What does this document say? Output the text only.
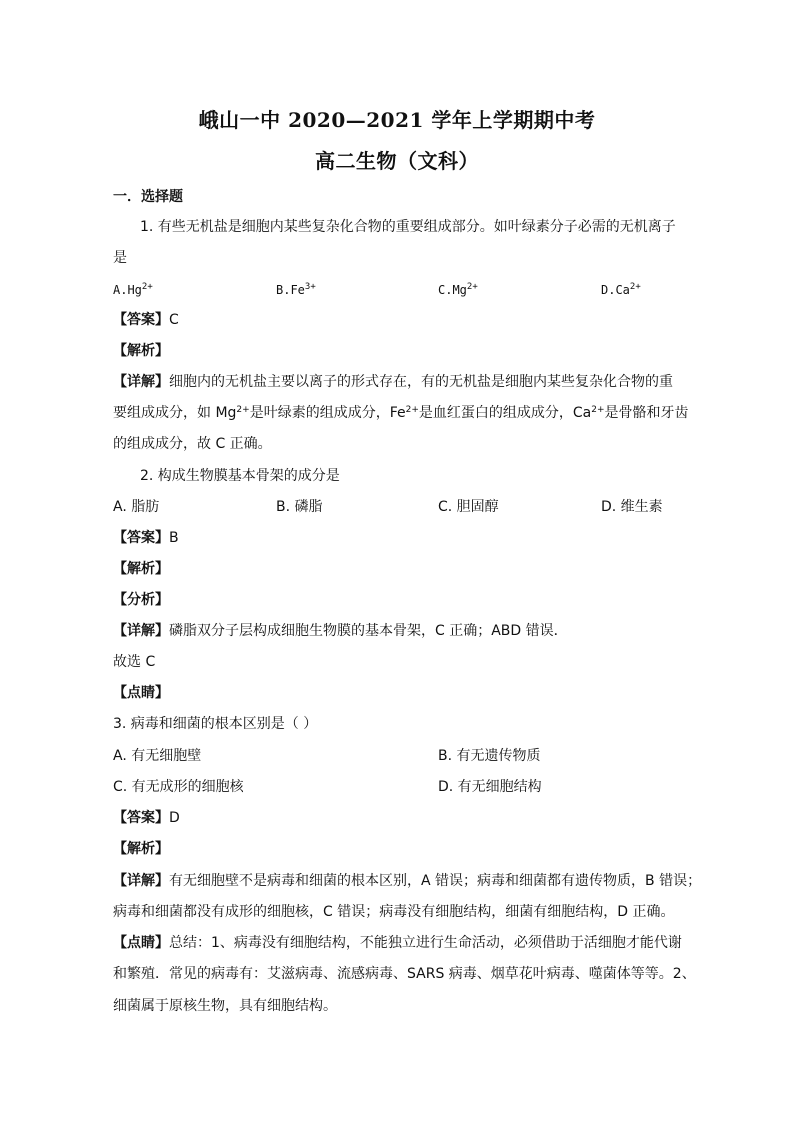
峨山一中 2020—2021 学年上学期期中考
高二生物（文科）
一．选择题
1. 有些无机盐是细胞内某些复杂化合物的重要组成部分。如叶绿素分子必需的无机离子
是
$A.Hg^{2+}$	$B.Fe^{3+}$	$C.Mg^{2+}$	$D.Ca^{2+}$
【答案】C
【解析】
【详解】细胞内的无机盐主要以离子的形式存在，有的无机盐是细胞内某些复杂化合物的重
要组成成分，如 $Mg^{2+}$是叶绿素的组成成分，$Fe^{2+}$是血红蛋白的组成成分，$Ca^{2+}$是骨骼和牙齿
的组成成分，故 C 正确。
2. 构成生物膜基本骨架的成分是
A. 脂肪	B. 磷脂	C. 胆固醇	D. 维生素
【答案】B
【解析】
【分析】
【详解】磷脂双分子层构成细胞生物膜的基本骨架，C 正确；ABD 错误．
故选 C
【点睛】
3. 病毒和细菌的根本区别是（ ）
A. 有无细胞壁	B. 有无遗传物质
C. 有无成形的细胞核	D. 有无细胞结构
【答案】D
【解析】
【详解】有无细胞壁不是病毒和细菌的根本区别，A 错误；病毒和细菌都有遗传物质，B 错误；
病毒和细菌都没有成形的细胞核，C 错误；病毒没有细胞结构，细菌有细胞结构，D 正确。
【点睛】总结：1、病毒没有细胞结构，不能独立进行生命活动，必须借助于活细胞才能代谢
和繁殖．常见的病毒有：艾滋病毒、流感病毒、SARS 病毒、烟草花叶病毒、噬菌体等等。2、
细菌属于原核生物，具有细胞结构。
